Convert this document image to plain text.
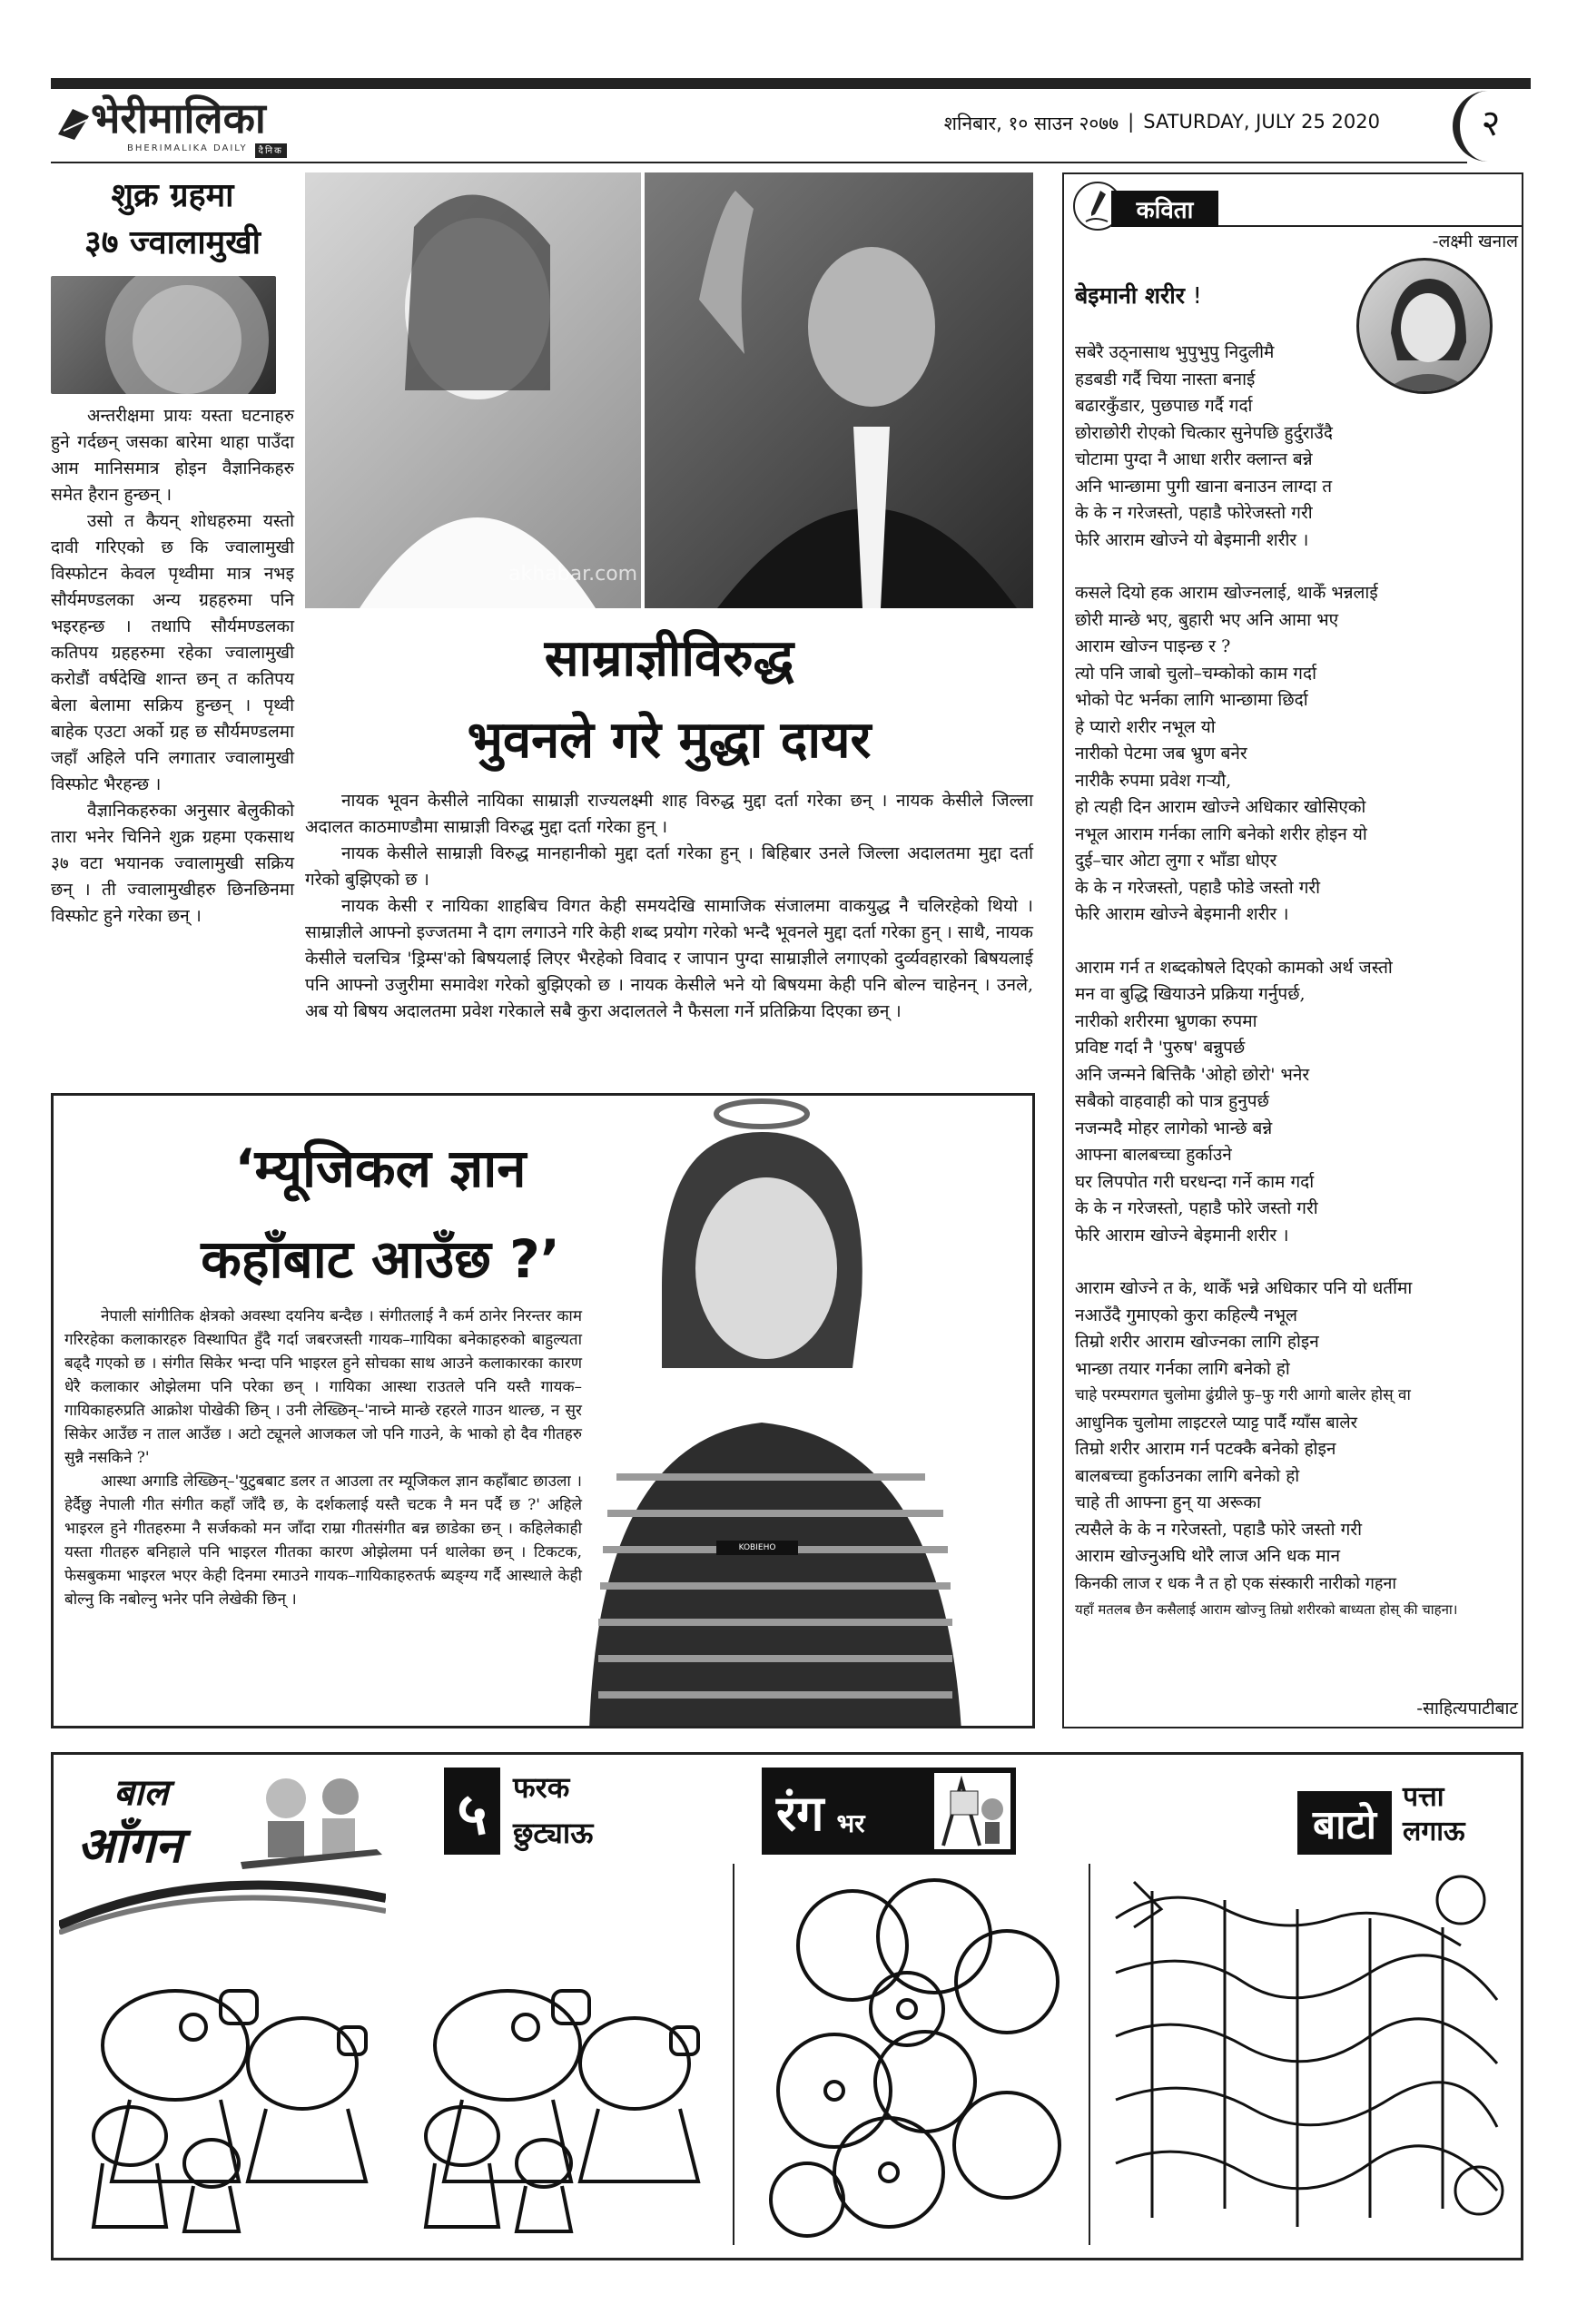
भेरीमालिका
BHERIMALIKA DAILY	दैनिक
शनिबार, १० साउन २०७७ | SATURDAY, JULY 25 2020	२
शुक्र ग्रहमा
३७ ज्वालामुखी

अन्तरीक्षमा प्रायः यस्ता घटनाहरु हुने गर्दछन् जसका बारेमा थाहा पाउँदा आम मानिसमात्र होइन वैज्ञानिकहरु समेत हैरान हुन्छन् ।

उसो त कैयन् शोधहरुमा यस्तो दावी गरिएको छ कि ज्वालामुखी विस्फोटन केवल पृथ्वीमा मात्र नभइ सौर्यमण्डलका अन्य ग्रहहरुमा पनि भइरहन्छ । तथापि सौर्यमण्डलका कतिपय ग्रहहरुमा रहेका ज्वालामुखी करोडौं वर्षदेखि शान्त छन् त कतिपय बेला बेलामा सक्रिय हुन्छन् । पृथ्वी बाहेक एउटा अर्को ग्रह छ सौर्यमण्डलमा जहाँ अहिले पनि लगातार ज्वालामुखी विस्फोट भैरहन्छ ।

वैज्ञानिकहरुका अनुसार बेलुकीको तारा भनेर चिनिने शुक्र ग्रहमा एकसाथ ३७ वटा भयानक ज्वालामुखी सक्रिय छन् । ती ज्वालामुखीहरु छिनछिनमा विस्फोट हुने गरेका छन् ।

akhabar.com
साम्राज्ञीविरुद्ध
भुवनले गरे मुद्धा दायर

नायक भूवन केसीले नायिका साम्राज्ञी राज्यलक्ष्मी शाह विरुद्ध मुद्दा दर्ता गरेका छन् । नायक केसीले जिल्ला अदालत काठमाण्डौमा साम्राज्ञी विरुद्ध मुद्दा दर्ता गरेका हुन् ।

नायक केसीले साम्राज्ञी विरुद्ध मानहानीको मुद्दा दर्ता गरेका हुन् । बिहिबार उनले जिल्ला अदालतमा मुद्दा दर्ता गरेको बुझिएको छ ।

नायक केसी र नायिका शाहबिच विगत केही समयदेखि सामाजिक संजालमा वाकयुद्ध नै चलिरहेको थियो । साम्राज्ञीले आफ्नो इज्जतमा नै दाग लगाउने गरि केही शब्द प्रयोग गरेको भन्दै भूवनले मुद्दा दर्ता गरेका हुन् । साथै, नायक केसीले चलचित्र 'ड्रिम्स'को बिषयलाई लिएर भैरहेको विवाद र जापान पुग्दा साम्राज्ञीले लगाएको दुर्व्यवहारको बिषयलाई पनि आफ्नो उजुरीमा समावेश गरेको बुझिएको छ । नायक केसीले भने यो बिषयमा केही पनि बोल्न चाहेनन् । उनले, अब यो बिषय अदालतमा प्रवेश गरेकाले सबै कुरा अदालतले नै फैसला गर्ने प्रतिक्रिया दिएका छन् ।

‘म्यूजिकल ज्ञान
कहाँबाट आउँछ ?’

नेपाली सांगीतिक क्षेत्रको अवस्था दयनिय बन्दैछ । संगीतलाई नै कर्म ठानेर निरन्तर काम गरिरहेका कलाकारहरु विस्थापित हुँदै गर्दा जबरजस्ती गायक–गायिका बनेकाहरुको बाहुल्यता बढ्दै गएको छ । संगीत सिकेर भन्दा पनि भाइरल हुने सोचका साथ आउने कलाकारका कारण धेरै कलाकार ओझेलमा पनि परेका छन् । गायिका आस्था राउतले पनि यस्तै गायक–गायिकाहरुप्रति आक्रोश पोखेकी छिन् । उनी लेख्छिन्–'नाच्ने मान्छे रहरले गाउन थाल्छ, न सुर सिकेर आउँछ न ताल आउँछ । अटो ट्यूनले आजकल जो पनि गाउने, के भाको हो दैव गीतहरु सुन्नै नसकिने ?'

आस्था अगाडि लेख्छिन्–'युटुबबाट डलर त आउला तर म्यूजिकल ज्ञान कहाँबाट छाउला । हेर्दैछु नेपाली गीत संगीत कहाँ जाँदै छ, के दर्शकलाई यस्तै चटक नै मन पर्दै छ ?' अहिले भाइरल हुने गीतहरुमा नै सर्जकको मन जाँदा राम्रा गीतसंगीत बन्न छाडेका छन् । कहिलेकाही यस्ता गीतहरु बनिहाले पनि भाइरल गीतका कारण ओझेलमा पर्न थालेका छन् । टिकटक, फेसबुकमा भाइरल भएर केही दिनमा रमाउने गायक–गायिकाहरुतर्फ ब्यङ्ग्य गर्दै आस्थाले केही बोल्नु कि नबोल्नु भनेर पनि लेखेकी छिन् ।

KOBIEHO
कविता
-लक्ष्मी खनाल
बेइमानी शरीर !

सबेरै उठ्नासाथ भुपुभुपु निदुलीमै

हडबडी गर्दै चिया नास्ता बनाई

बढारकुँडार, पुछपाछ गर्दै गर्दा

छोराछोरी रोएको चित्कार सुनेपछि हुर्दुराउँदै

चोटामा पुग्दा नै आधा शरीर क्लान्त बन्ने

अनि भान्छामा पुगी खाना बनाउन लाग्दा त

के के न गरेजस्तो, पहाडै फोरेजस्तो गरी

फेरि आराम खोज्ने यो बेइमानी शरीर ।

कसले दियो हक आराम खोज्नलाई, थाकेँ भन्नलाई

छोरी मान्छे भए, बुहारी भए अनि आमा भए

आराम खोज्न पाइन्छ र ?

त्यो पनि जाबो चुलो–चम्कोको काम गर्दा

भोको पेट भर्नका लागि भान्छामा छिर्दा

हे प्यारो शरीर नभूल यो

नारीको पेटमा जब भ्रुण बनेर

नारीकै रुपमा प्रवेश गऱ्यौ,

हो त्यही दिन आराम खोज्ने अधिकार खोसिएको

नभूल आराम गर्नका लागि बनेको शरीर होइन यो

दुई–चार ओटा लुगा र भाँडा धोएर

के के न गरेजस्तो, पहाडै फोडे जस्तो गरी

फेरि आराम खोज्ने बेइमानी शरीर ।

आराम गर्न त शब्दकोषले दिएको कामको अर्थ जस्तो

मन वा बुद्धि खियाउने प्रक्रिया गर्नुपर्छ,

नारीको शरीरमा भ्रुणका रुपमा

प्रविष्ट गर्दा नै 'पुरुष' बन्नुपर्छ

अनि जन्मने बित्तिकै 'ओहो छोरो' भनेर

सबैको वाहवाही को पात्र हुनुपर्छ

नजन्मदै मोहर लागेको भान्छे बन्ने

आफ्ना बालबच्चा हुर्काउने

घर लिपपोत गरी घरधन्दा गर्ने काम गर्दा

के के न गरेजस्तो, पहाडै फोरे जस्तो गरी

फेरि आराम खोज्ने बेइमानी शरीर ।

आराम खोज्ने त के, थाकेँ भन्ने अधिकार पनि यो धर्तीमा

नआउँदै गुमाएको कुरा कहिल्यै नभूल

तिम्रो शरीर आराम खोज्नका लागि होइन

भान्छा तयार गर्नका लागि बनेको हो

चाहे परम्परागत चुलोमा ढुंग्रीले फु–फु गरी आगो बालेर होस् वा

आधुनिक चुलोमा लाइटरले प्याट्ट पार्दै ग्याँस बालेर

तिम्रो शरीर आराम गर्न पटक्कै बनेको होइन

बालबच्चा हुर्काउनका लागि बनेको हो

चाहे ती आफ्ना हुन् या अरूका

त्यसैले के के न गरेजस्तो, पहाडै फोरे जस्तो गरी

आराम खोज्नुअघि थोरै लाज अनि धक मान

किनकी लाज र धक नै त हो एक संस्कारी नारीको गहना

यहाँ मतलब छैन कसैलाई आराम खोज्नु तिम्रो शरीरको बाध्यता होस् की चाहना।

-साहित्यपाटीबाट
बाल
आँगन	५ फरक
छुट्याऊ	रंग भर	बाटो
पत्ता
लगाऊ
